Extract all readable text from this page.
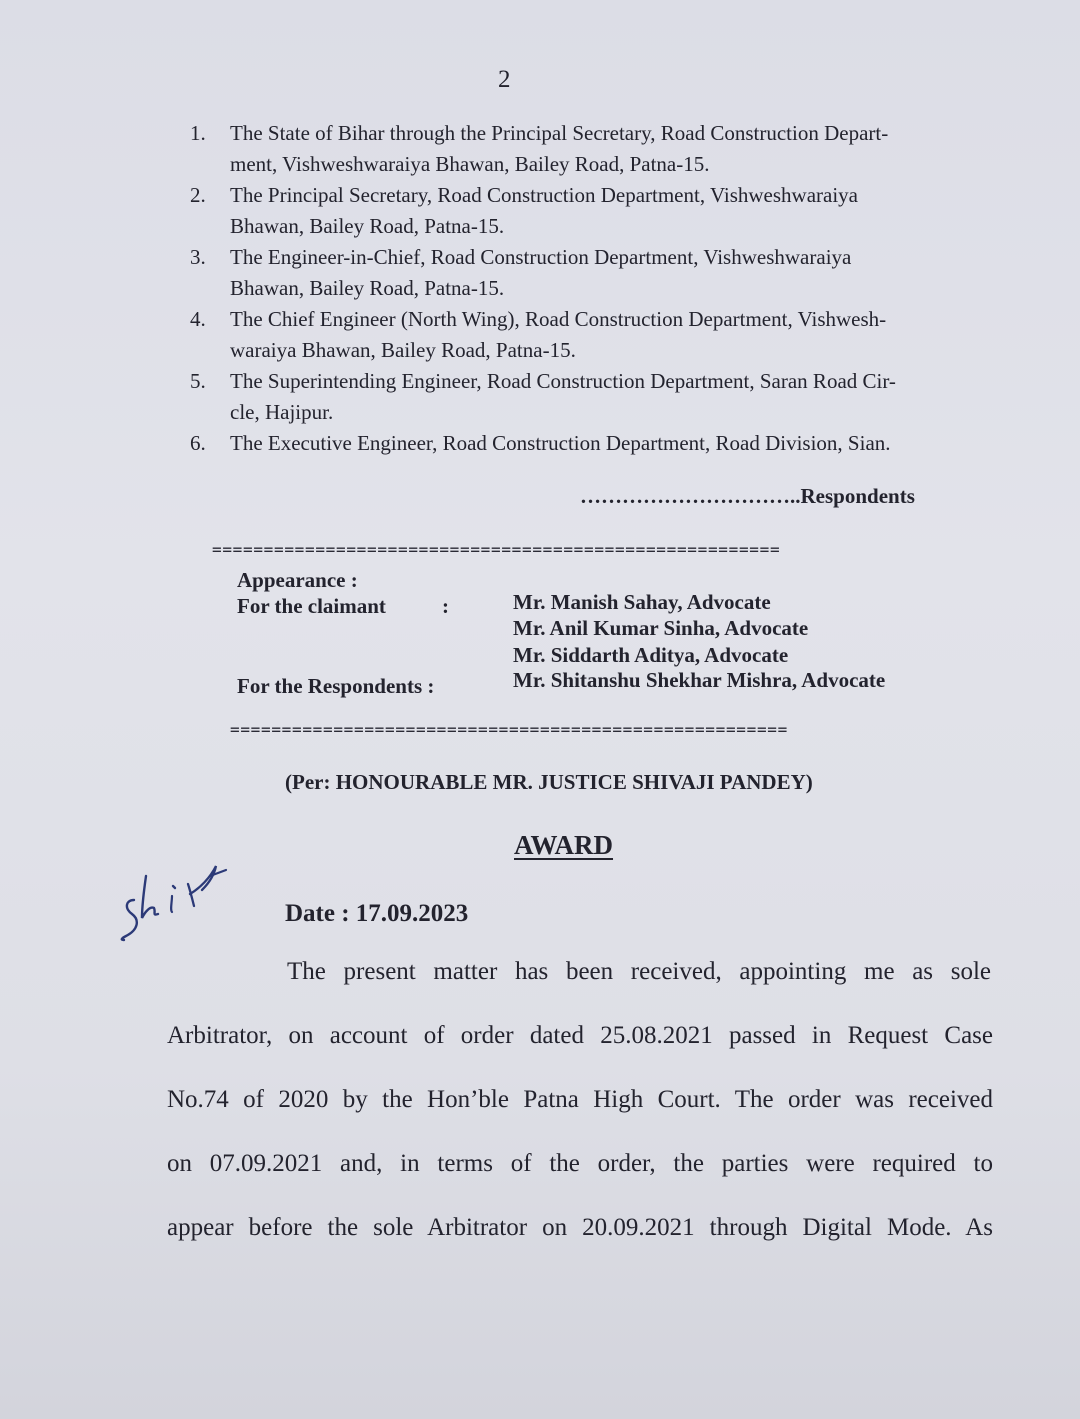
2
1.	The State of Bihar through the Principal Secretary, Road Construction Depart-
ment, Vishweshwaraiya Bhawan, Bailey Road, Patna-15.
2.	The Principal Secretary, Road Construction Department, Vishweshwaraiya
Bhawan, Bailey Road, Patna-15.
3.	The Engineer-in-Chief, Road Construction Department, Vishweshwaraiya
Bhawan, Bailey Road, Patna-15.
4.	The Chief Engineer (North Wing), Road Construction Department, Vishwesh-
waraiya Bhawan, Bailey Road, Patna-15.
5.	The Superintending Engineer, Road Construction Department, Saran Road Cir-
cle, Hajipur.
6.	The Executive Engineer, Road Construction Department, Road Division, Sian.
…………………………..Respondents
=======================================================
Appearance :
For the claimant	:	Mr. Manish Sahay, Advocate
Mr. Anil Kumar Sinha, Advocate
Mr. Siddarth Aditya, Advocate
For the Respondents :	Mr. Shitanshu Shekhar Mishra, Advocate
======================================================
(Per: HONOURABLE MR. JUSTICE SHIVAJI PANDEY)
AWARD
Date : 17.09.2023
The present matter has been received, appointing me as sole
Arbitrator, on account of order dated 25.08.2021 passed in Request Case
No.74 of 2020 by the Hon’ble Patna High Court. The order was received
on 07.09.2021 and, in terms of the order, the parties were required to
appear before the sole Arbitrator on 20.09.2021 through Digital Mode. As
